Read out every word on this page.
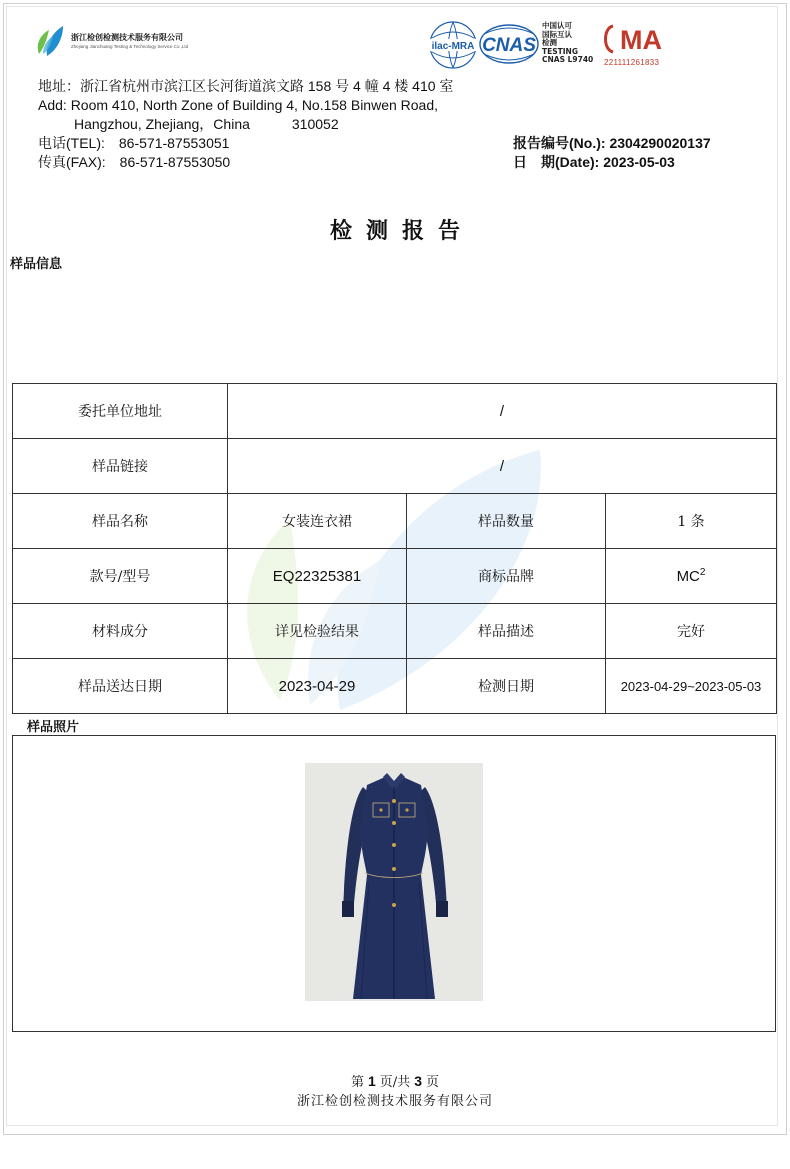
浙江检创检测技术服务有限公司
Zhejiang Jianchuang Testing & Technology Service Co.,Ltd	ilac-MRA CNAS
中国认可
国际互认
检测
TESTING
CNAS L9740
MA
221111261833
地址：浙江省杭州市滨江区长河街道滨文路 158 号 4 幢 4 楼 410 室
Add: Room 410, North Zone of Building 4, No.158 Binwen Road,
Hangzhou, Zhejiang，China	310052
电话(TEL): 86-571-87553051
传真(FAX): 86-571-87553050
报告编号(No.): 2304290020137
日 期(Date): 2023-05-03
检测报告
样品信息
委托单位地址	/		
样品链接	/		
样品名称	女装连衣裙	样品数量	1 条
款号/型号	EQ22325381	商标品牌	$MC^2$
材料成分	详见检验结果	样品描述	完好
样品送达日期	2023-04-29	检测日期	2023-04-29~2023-05-03
样品照片
第 1 页/共 3 页
浙江检创检测技术服务有限公司
